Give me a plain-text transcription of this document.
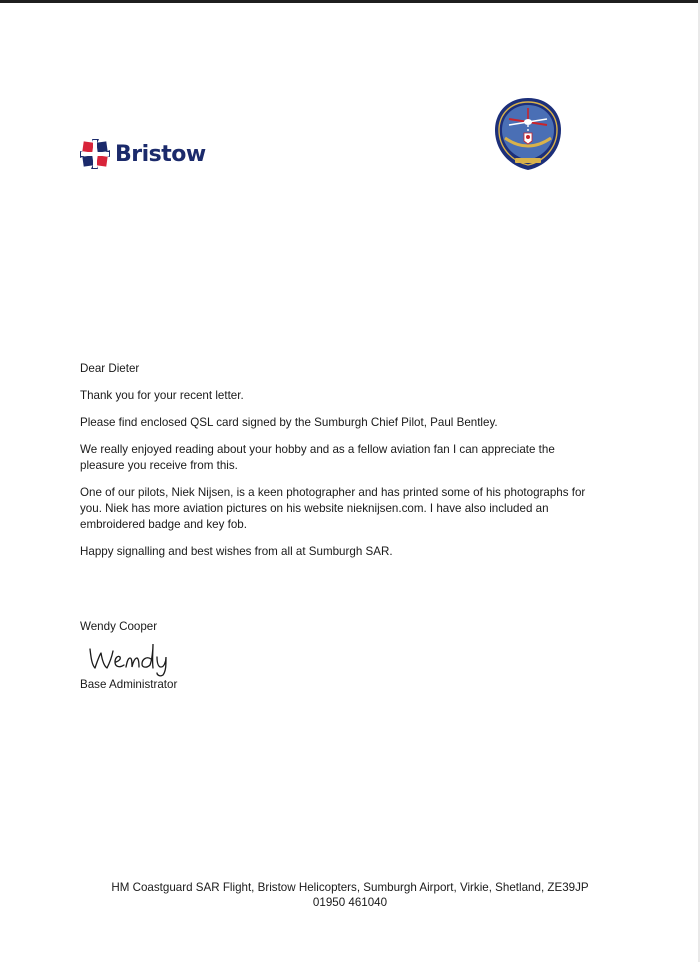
Bristow

Dear Dieter

Thank you for your recent letter.

Please find enclosed QSL card signed by the Sumburgh Chief Pilot, Paul Bentley.

We really enjoyed reading about your hobby and as a fellow aviation fan I can appreciate the pleasure you receive from this.

One of our pilots, Niek Nijsen, is a keen photographer and has printed some of his photographs for you. Niek has more aviation pictures on his website nieknijsen.com. I have also included an embroidered badge and key fob.

Happy signalling and best wishes from all at Sumburgh SAR.

Wendy Cooper
Base Administrator
HM Coastguard SAR Flight, Bristow Helicopters, Sumburgh Airport, Virkie, Shetland, ZE39JP
01950 461040
